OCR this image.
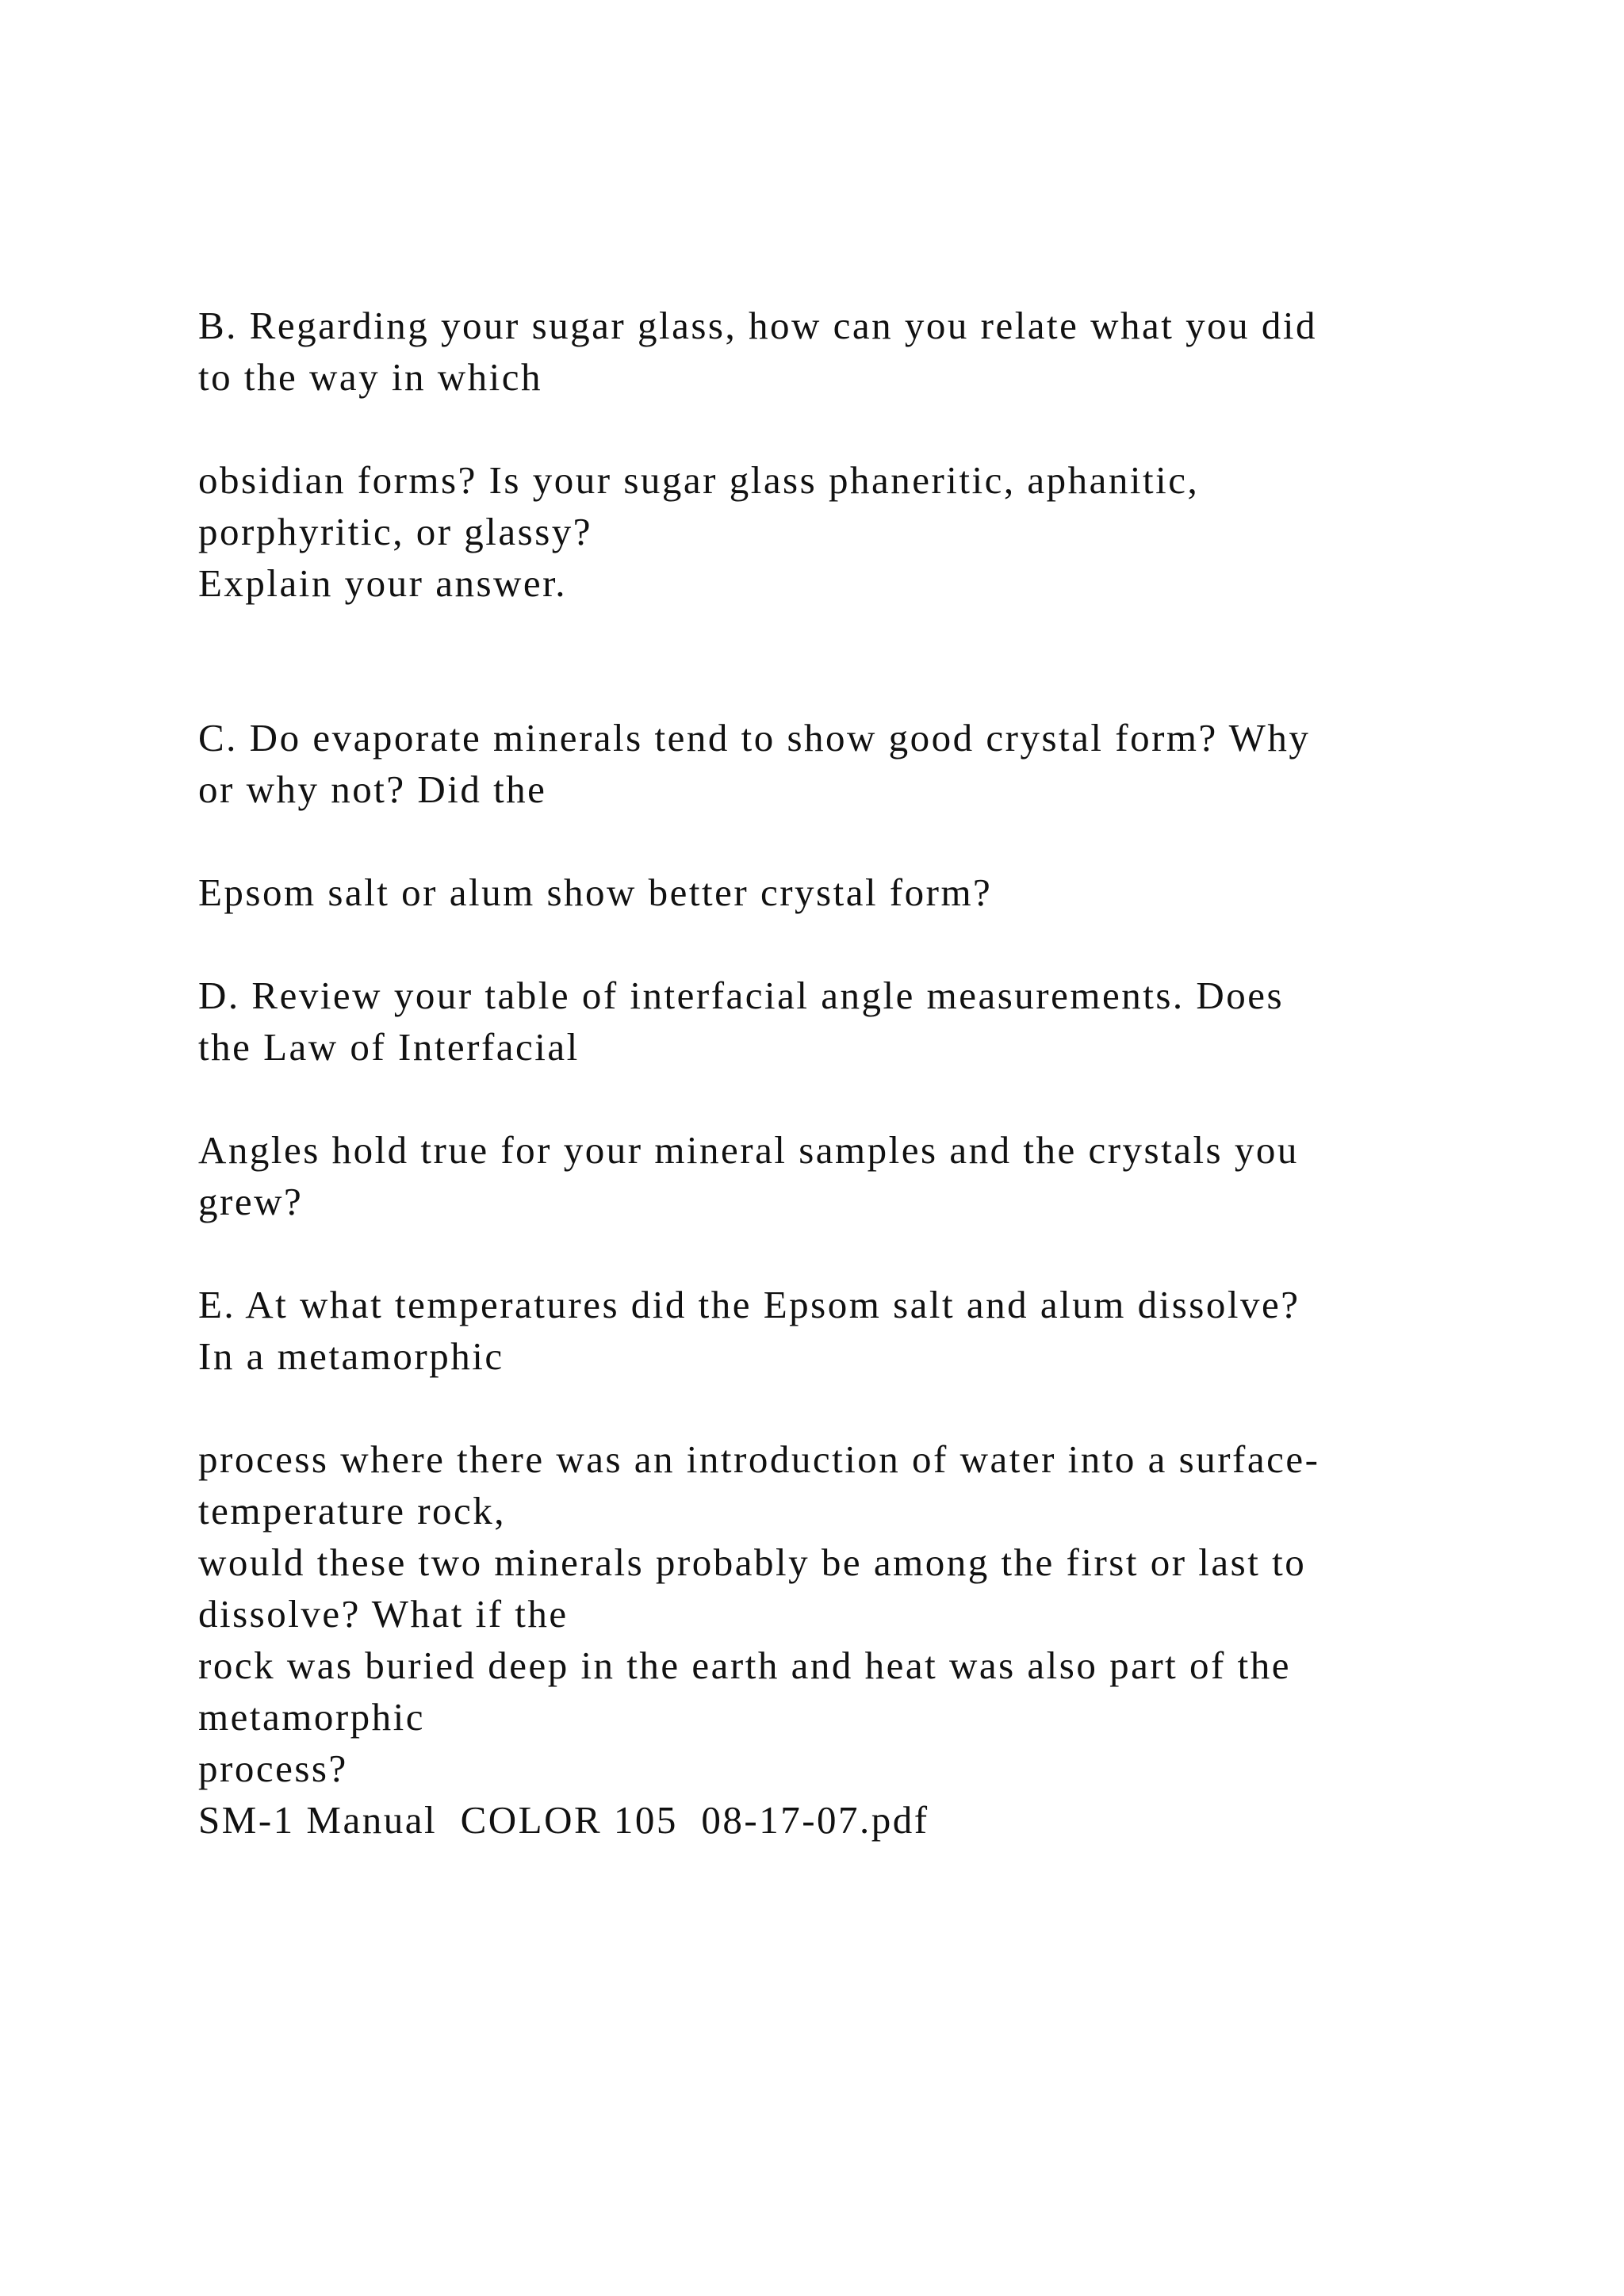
B. Regarding your sugar glass, how can you relate what you did
to the way in which
obsidian forms? Is your sugar glass phaneritic, aphanitic,
porphyritic, or glassy?
Explain your answer.
C. Do evaporate minerals tend to show good crystal form? Why
or why not? Did the
Epsom salt or alum show better crystal form?
D. Review your table of interfacial angle measurements. Does
the Law of Interfacial
Angles hold true for your mineral samples and the crystals you
grew?
E. At what temperatures did the Epsom salt and alum dissolve?
In a metamorphic
process where there was an introduction of water into a surface-
temperature rock,
would these two minerals probably be among the first or last to
dissolve? What if the
rock was buried deep in the earth and heat was also part of the
metamorphic
process?
SM-1 Manual  COLOR 105  08-17-07.pdf
